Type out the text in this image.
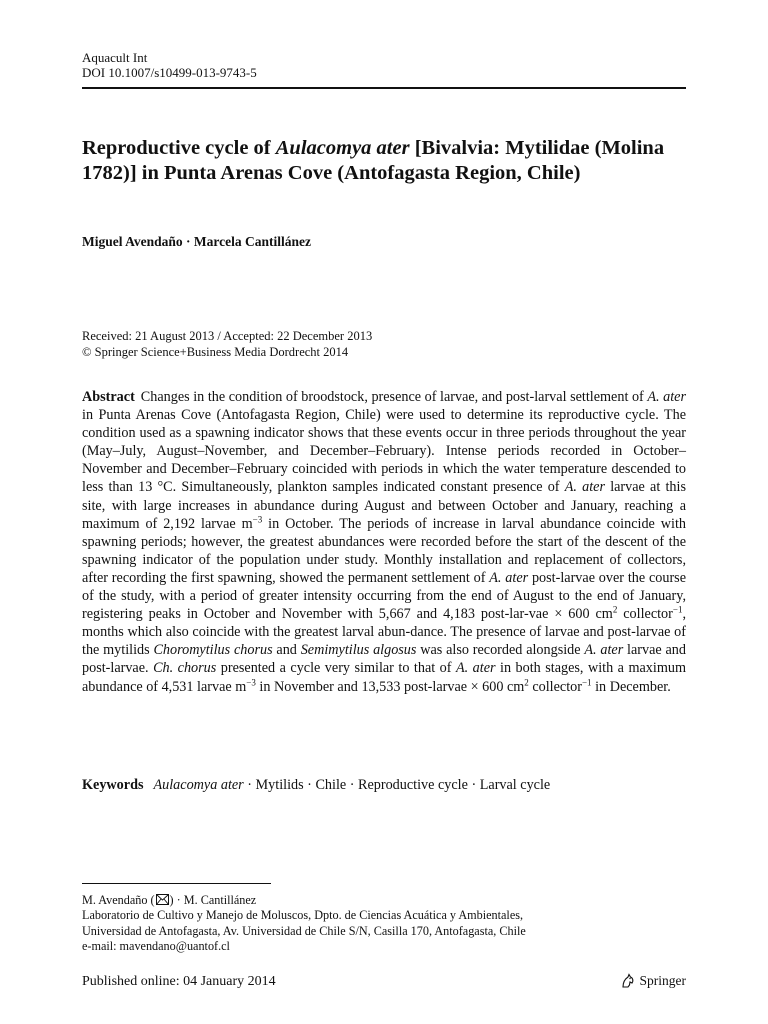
Aquacult Int
DOI 10.1007/s10499-013-9743-5
Reproductive cycle of Aulacomya ater [Bivalvia: Mytilidae (Molina 1782)] in Punta Arenas Cove (Antofagasta Region, Chile)
Miguel Avendaño · Marcela Cantillánez
Received: 21 August 2013 / Accepted: 22 December 2013
© Springer Science+Business Media Dordrecht 2014
Abstract Changes in the condition of broodstock, presence of larvae, and post-larval settlement of A. ater in Punta Arenas Cove (Antofagasta Region, Chile) were used to determine its reproductive cycle. The condition used as a spawning indicator shows that these events occur in three periods throughout the year (May–July, August–November, and December–February). Intense periods recorded in October–November and December–February coincided with periods in which the water temperature descended to less than 13 °C. Simultaneously, plankton samples indicated constant presence of A. ater larvae at this site, with large increases in abundance during August and between October and January, reaching a maximum of 2,192 larvae $m^{-3}$ in October. The periods of increase in larval abundance coincide with spawning periods; however, the greatest abundances were recorded before the start of the descent of the spawning indicator of the population under study. Monthly installation and replacement of collectors, after recording the first spawning, showed the permanent settlement of A. ater post-larvae over the course of the study, with a period of greater intensity occurring from the end of August to the end of January, registering peaks in October and November with 5,667 and 4,183 post-lar-vae × 600 $cm^2$ collector$^{-1}$, months which also coincide with the greatest larval abun-dance. The presence of larvae and post-larvae of the mytilids Choromytilus chorus and Semimytilus algosus was also recorded alongside A. ater larvae and post-larvae. Ch. chorus presented a cycle very similar to that of A. ater in both stages, with a maximum abundance of 4,531 larvae $m^{-3}$ in November and 13,533 post-larvae × 600 $cm^2$ collector$^{-1}$ in December.
Keywords Aulacomya ater · Mytilids · Chile · Reproductive cycle · Larval cycle
M. Avendaño ( ) · M. Cantillánez
Laboratorio de Cultivo y Manejo de Moluscos, Dpto. de Ciencias Acuática y Ambientales,
Universidad de Antofagasta, Av. Universidad de Chile S/N, Casilla 170, Antofagasta, Chile
e-mail: mavendano@uantof.cl
Published online: 04 January 2014	Springer
